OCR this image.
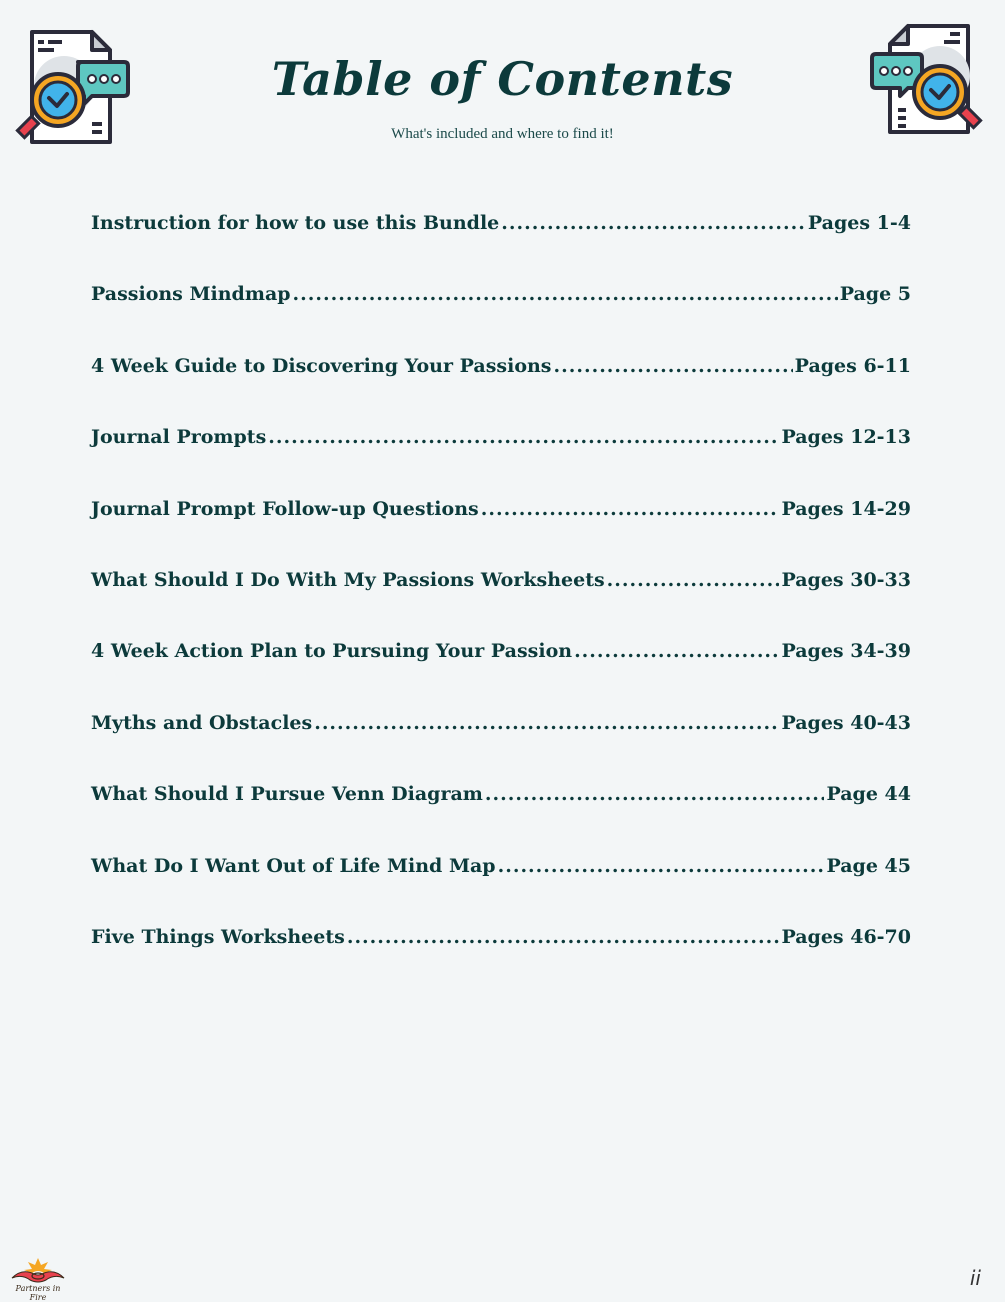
Table of Contents

What's included and where to find it!

Instruction for how to use this Bundle .....	Pages 1-4
Passions Mindmap .....	Page 5
4 Week Guide to Discovering Your Passions .....	Pages 6-11
Journal Prompts .....	Pages 12-13
Journal Prompt Follow-up Questions .....	Pages 14-29
What Should I Do With My Passions Worksheets .....	Pages 30-33
4 Week Action Plan to Pursuing Your Passion .....	Pages 34-39
Myths and Obstacles .....	Pages 40-43
What Should I Pursue Venn Diagram .....	Page 44
What Do I Want Out of Life Mind Map .....	Page 45
Five Things Worksheets .....	Pages 46-70
Partners in Fire
ii
